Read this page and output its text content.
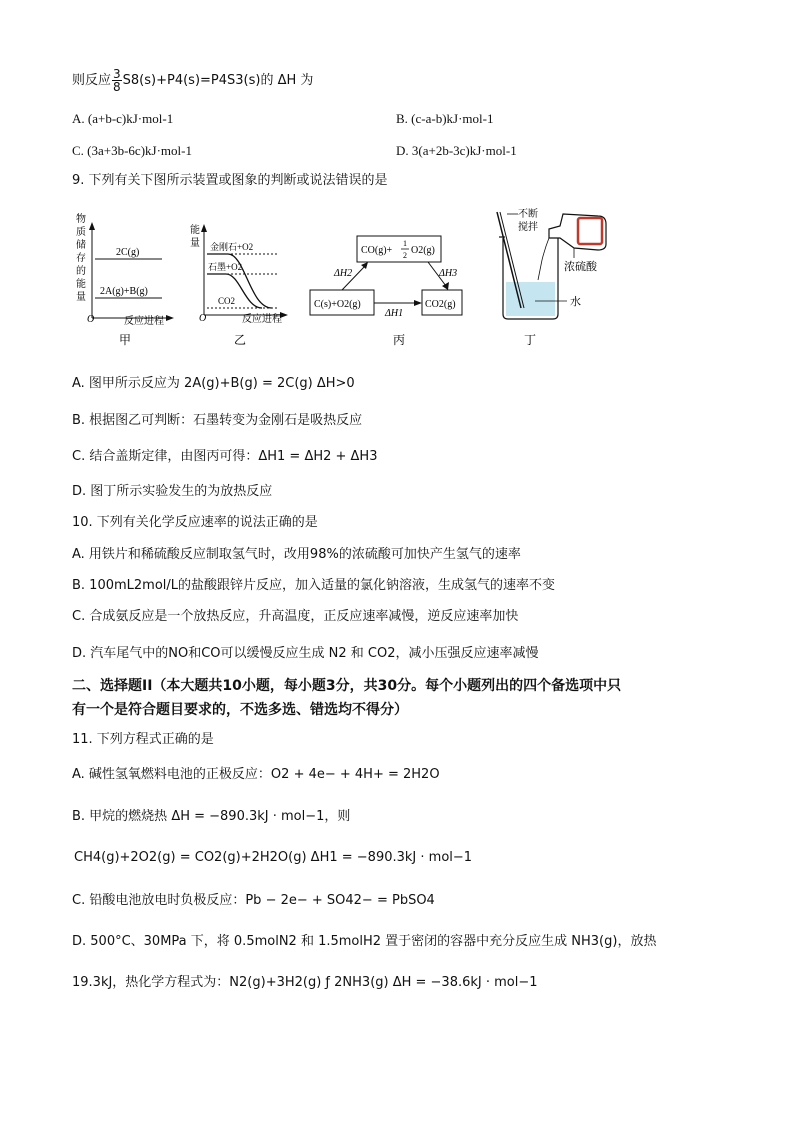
则反应 $\frac{3}{8} S8(s)+P4(s)=P4S3(s)$的 ΔH 为
A. (a+b-c)kJ·mol-1	B. (c-a-b)kJ·mol-1
C. (3a+3b-6c)kJ·mol-1	D. 3(a+2b-3c)kJ·mol-1
9. 下列有关下图所示装置或图象的判断或说法错误的是
2C(g)
2A(g)+B(g)
物
质
储
存
的
能
量
O	反应进程
甲
能
量 金刚石+O2
石墨+O2
CO2
O	反应进程
乙
CO(g)+
1
2 O2(g)
C(s)+O2(g)	CO2(g)
ΔH1
ΔH2	ΔH3
丙
不断
搅拌
浓硫酸
水
丁
A. 图甲所示反应为 2A(g)+B(g) = 2C(g) ΔH>0
B. 根据图乙可判断：石墨转变为金刚石是吸热反应
C. 结合盖斯定律，由图丙可得：ΔH1 = ΔH2 + ΔH3
D. 图丁所示实验发生的为放热反应
10. 下列有关化学反应速率的说法正确的是
A. 用铁片和稀硫酸反应制取氢气时，改用98%的浓硫酸可加快产生氢气的速率
B. 100mL2mol/L的盐酸跟锌片反应，加入适量的氯化钠溶液，生成氢气的速率不变
C. 合成氨反应是一个放热反应，升高温度，正反应速率减慢，逆反应速率加快
D. 汽车尾气中的NO和CO可以缓慢反应生成 N2 和 CO2，减小压强反应速率减慢
二、选择题II（本大题共10小题，每小题3分，共30分。每个小题列出的四个备选项中只
有一个是符合题目要求的，不选多选、错选均不得分）
11. 下列方程式正确的是
A. 碱性氢氧燃料电池的正极反应：O2 + 4e− + 4H+ = 2H2O
B. 甲烷的燃烧热 ΔH = −890.3kJ · mol−1，则
CH4(g)+2O2(g) = CO2(g)+2H2O(g) ΔH1 = −890.3kJ · mol−1
C. 铅酸电池放电时负极反应：Pb − 2e− + SO42− = PbSO4
D. 500°C、30MPa 下，将 0.5molN2 和 1.5molH2 置于密闭的容器中充分反应生成 NH3(g)，放热
19.3kJ，热化学方程式为：N2(g)+3H2(g) ƒ 2NH3(g) ΔH = −38.6kJ · mol−1
